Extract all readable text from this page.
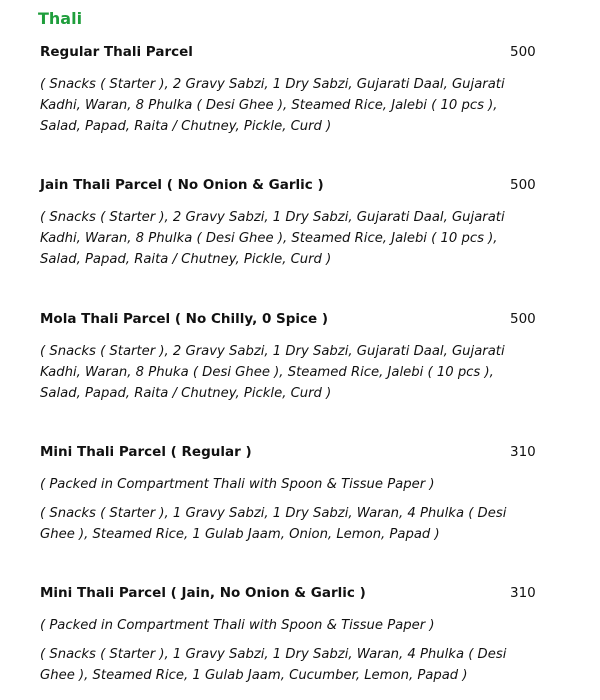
Thali
Regular Thali Parcel	500

( Snacks ( Starter ), 2 Gravy Sabzi, 1 Dry Sabzi, Gujarati Daal, Gujarati
Kadhi, Waran, 8 Phulka ( Desi Ghee ), Steamed Rice, Jalebi ( 10 pcs ),
Salad, Papad, Raita / Chutney, Pickle, Curd )

Jain Thali Parcel ( No Onion & Garlic )	500

( Snacks ( Starter ), 2 Gravy Sabzi, 1 Dry Sabzi, Gujarati Daal, Gujarati
Kadhi, Waran, 8 Phulka ( Desi Ghee ), Steamed Rice, Jalebi ( 10 pcs ),
Salad, Papad, Raita / Chutney, Pickle, Curd )

Mola Thali Parcel ( No Chilly, 0 Spice )	500

( Snacks ( Starter ), 2 Gravy Sabzi, 1 Dry Sabzi, Gujarati Daal, Gujarati
Kadhi, Waran, 8 Phuka ( Desi Ghee ), Steamed Rice, Jalebi ( 10 pcs ),
Salad, Papad, Raita / Chutney, Pickle, Curd )

Mini Thali Parcel ( Regular )	310

( Packed in Compartment Thali with Spoon & Tissue Paper )

( Snacks ( Starter ), 1 Gravy Sabzi, 1 Dry Sabzi, Waran, 4 Phulka ( Desi
Ghee ), Steamed Rice, 1 Gulab Jaam, Onion, Lemon, Papad )

Mini Thali Parcel ( Jain, No Onion & Garlic )	310

( Packed in Compartment Thali with Spoon & Tissue Paper )

( Snacks ( Starter ), 1 Gravy Sabzi, 1 Dry Sabzi, Waran, 4 Phulka ( Desi
Ghee ), Steamed Rice, 1 Gulab Jaam, Cucumber, Lemon, Papad )
